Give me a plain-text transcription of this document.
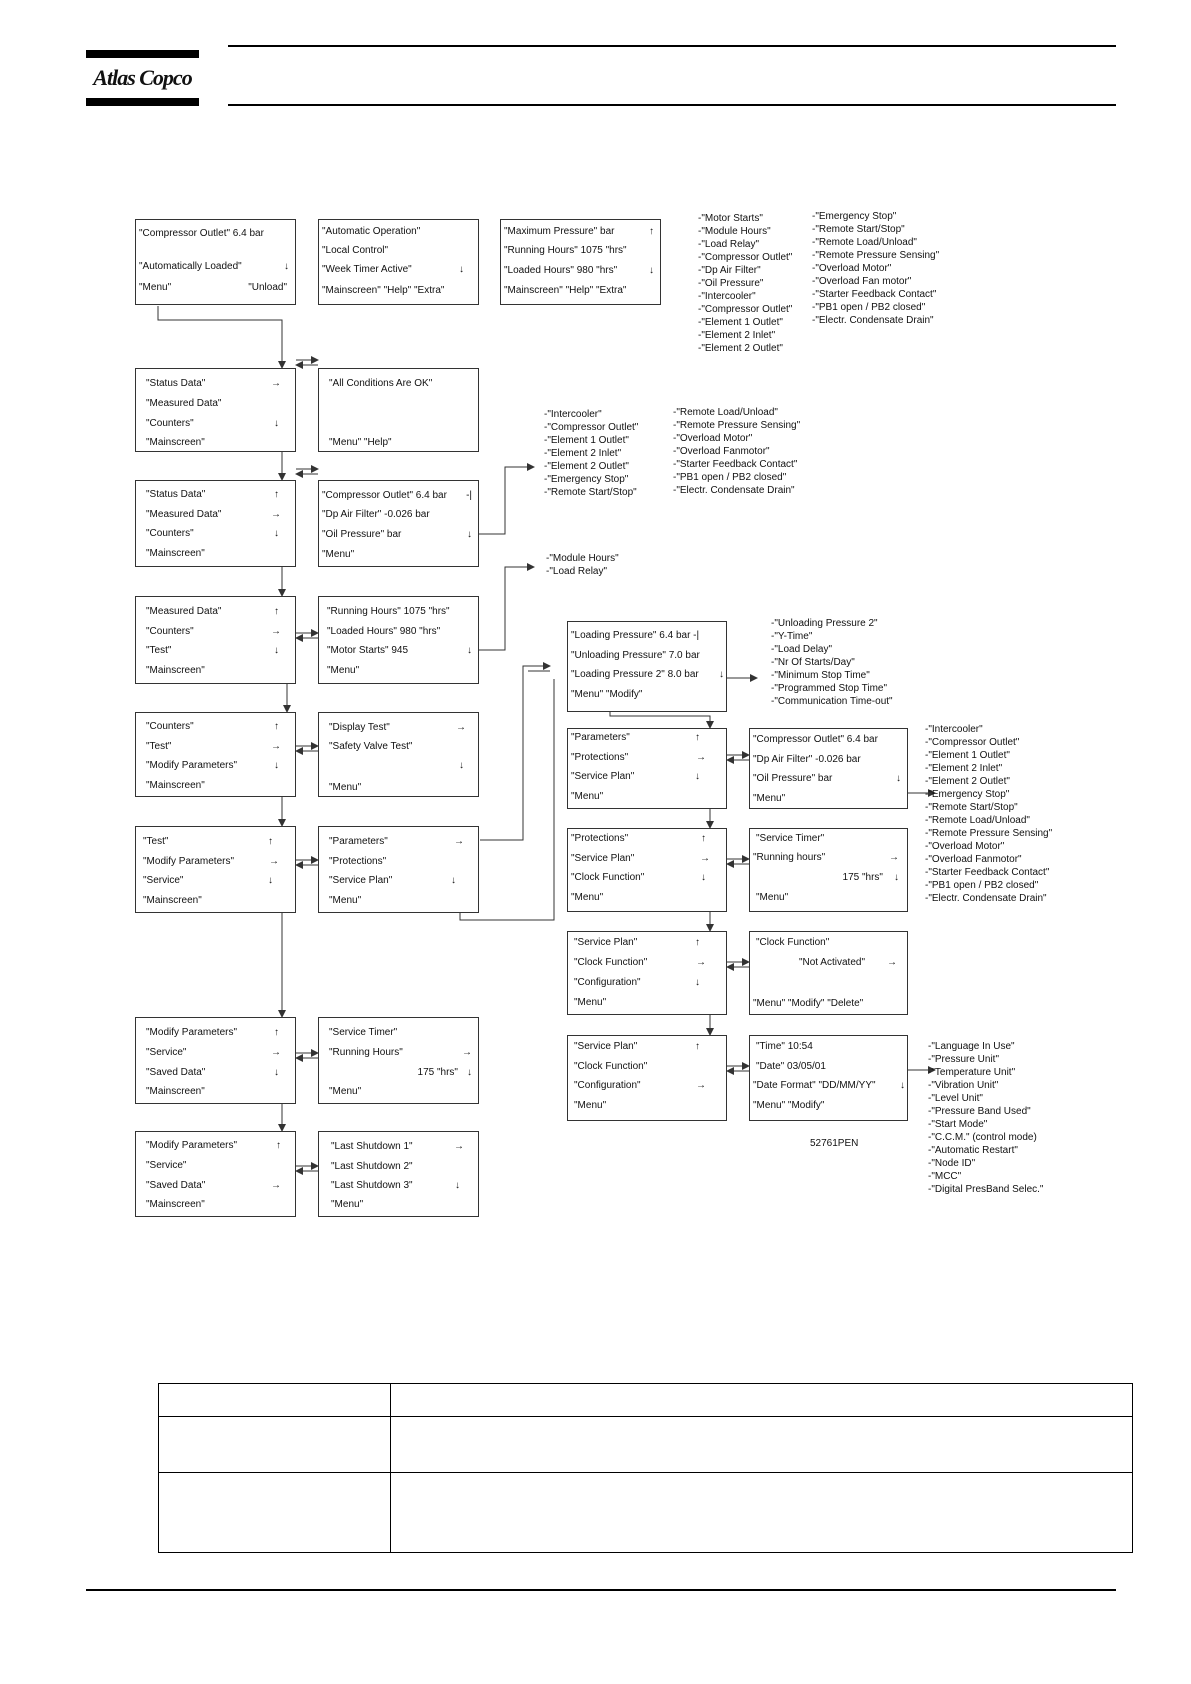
Atlas Copco
"Compressor Outlet" 6.4 bar
"Automatically Loaded"	↓
"Menu"	"Unload"
"Automatic Operation"
"Local Control"
"Week Timer Active"	↓
"Mainscreen" "Help" "Extra"
"Maximum Pressure" bar	↑
"Running Hours" 1075 "hrs"
"Loaded Hours" 980 "hrs"	↓
"Mainscreen" "Help" "Extra"
"Status Data"	→
"Measured Data"
"Counters"	↓
"Mainscreen"
"All Conditions Are OK"
"Menu" "Help"
"Status Data"	↑
"Measured Data"	→
"Counters"	↓
"Mainscreen"
"Compressor Outlet" 6.4 bar -|
"Dp Air Filter" -0.026 bar
"Oil Pressure" bar	↓
"Menu"
"Measured Data"	↑
"Counters"	→
"Test"	↓
"Mainscreen"
"Running Hours" 1075 "hrs"
"Loaded Hours" 980 "hrs"
"Motor Starts" 945	↓
"Menu"
"Counters"	↑
"Test"	→
"Modify Parameters"	↓
"Mainscreen"
"Display Test"	→
"Safety Valve Test"
↓
"Menu"
"Test"	↑
"Modify Parameters"	→
"Service"	↓
"Mainscreen"
"Parameters"	→
"Protections"
"Service Plan"	↓
"Menu"
"Modify Parameters"	↑
"Service"	→
"Saved Data"	↓
"Mainscreen"
"Service Timer"
"Running Hours"	→
175 "hrs" ↓
"Menu"
"Modify Parameters"	↑
"Service"
"Saved Data"	→
"Mainscreen"
"Last Shutdown 1"	→
"Last Shutdown 2"
"Last Shutdown 3"	↓
"Menu"
"Loading Pressure" 6.4 bar -|
"Unloading Pressure" 7.0 bar
"Loading Pressure 2" 8.0 bar ↓
"Menu" "Modify"
"Parameters"	↑
"Protections"	→
"Service Plan"	↓
"Menu"
"Compressor Outlet" 6.4 bar
"Dp Air Filter" -0.026 bar
"Oil Pressure" bar	↓
"Menu"
"Protections"	↑
"Service Plan"	→
"Clock Function"	↓
"Menu"
"Service Timer"
"Running hours"	→
175 "hrs" ↓
"Menu"
"Service Plan"	↑
"Clock Function"	→
"Configuration"	↓
"Menu"
"Clock Function"
"Not Activated" →
"Menu" "Modify" "Delete"
"Service Plan"	↑
"Clock Function"
"Configuration"	→
"Menu"
"Time" 10:54
"Date" 03/05/01
"Date Format" "DD/MM/YY" ↓
"Menu" "Modify"
-"Motor Starts"
-"Module Hours"
-"Load Relay"
-"Compressor Outlet"
-"Dp Air Filter"
-"Oil Pressure"
-"Intercooler"
-"Compressor Outlet"
-"Element 1 Outlet"
-"Element 2 Inlet"
-"Element 2 Outlet"
-"Emergency Stop"
-"Remote Start/Stop"
-"Remote Load/Unload"
-"Remote Pressure Sensing"
-"Overload Motor"
-"Overload Fan motor"
-"Starter Feedback Contact"
-"PB1 open / PB2 closed"
-"Electr. Condensate Drain"
-"Intercooler"
-"Compressor Outlet"
-"Element 1 Outlet"
-"Element 2 Inlet"
-"Element 2 Outlet"
-"Emergency Stop"
-"Remote Start/Stop"
-"Remote Load/Unload"
-"Remote Pressure Sensing"
-"Overload Motor"
-"Overload Fanmotor"
-"Starter Feedback Contact"
-"PB1 open / PB2 closed"
-"Electr. Condensate Drain"
-"Module Hours"
-"Load Relay"
-"Unloading Pressure 2"
-"Y-Time"
-"Load Delay"
-"Nr Of Starts/Day"
-"Minimum Stop Time"
-"Programmed Stop Time"
-"Communication Time-out"
-"Intercooler"
-"Compressor Outlet"
-"Element 1 Outlet"
-"Element 2 Inlet"
-"Element 2 Outlet"
-"Emergency Stop"
-"Remote Start/Stop"
-"Remote Load/Unload"
-"Remote Pressure Sensing"
-"Overload Motor"
-"Overload Fanmotor"
-"Starter Feedback Contact"
-"PB1 open / PB2 closed"
-"Electr. Condensate Drain"
-"Language In Use"
-"Pressure Unit"
-"Temperature Unit"
-"Vibration Unit"
-"Level Unit"
-"Pressure Band Used"
-"Start Mode"
-"C.C.M." (control mode)
-"Automatic Restart"
-"Node ID"
-"MCC"
-"Digital PresBand Selec."
52761PEN
